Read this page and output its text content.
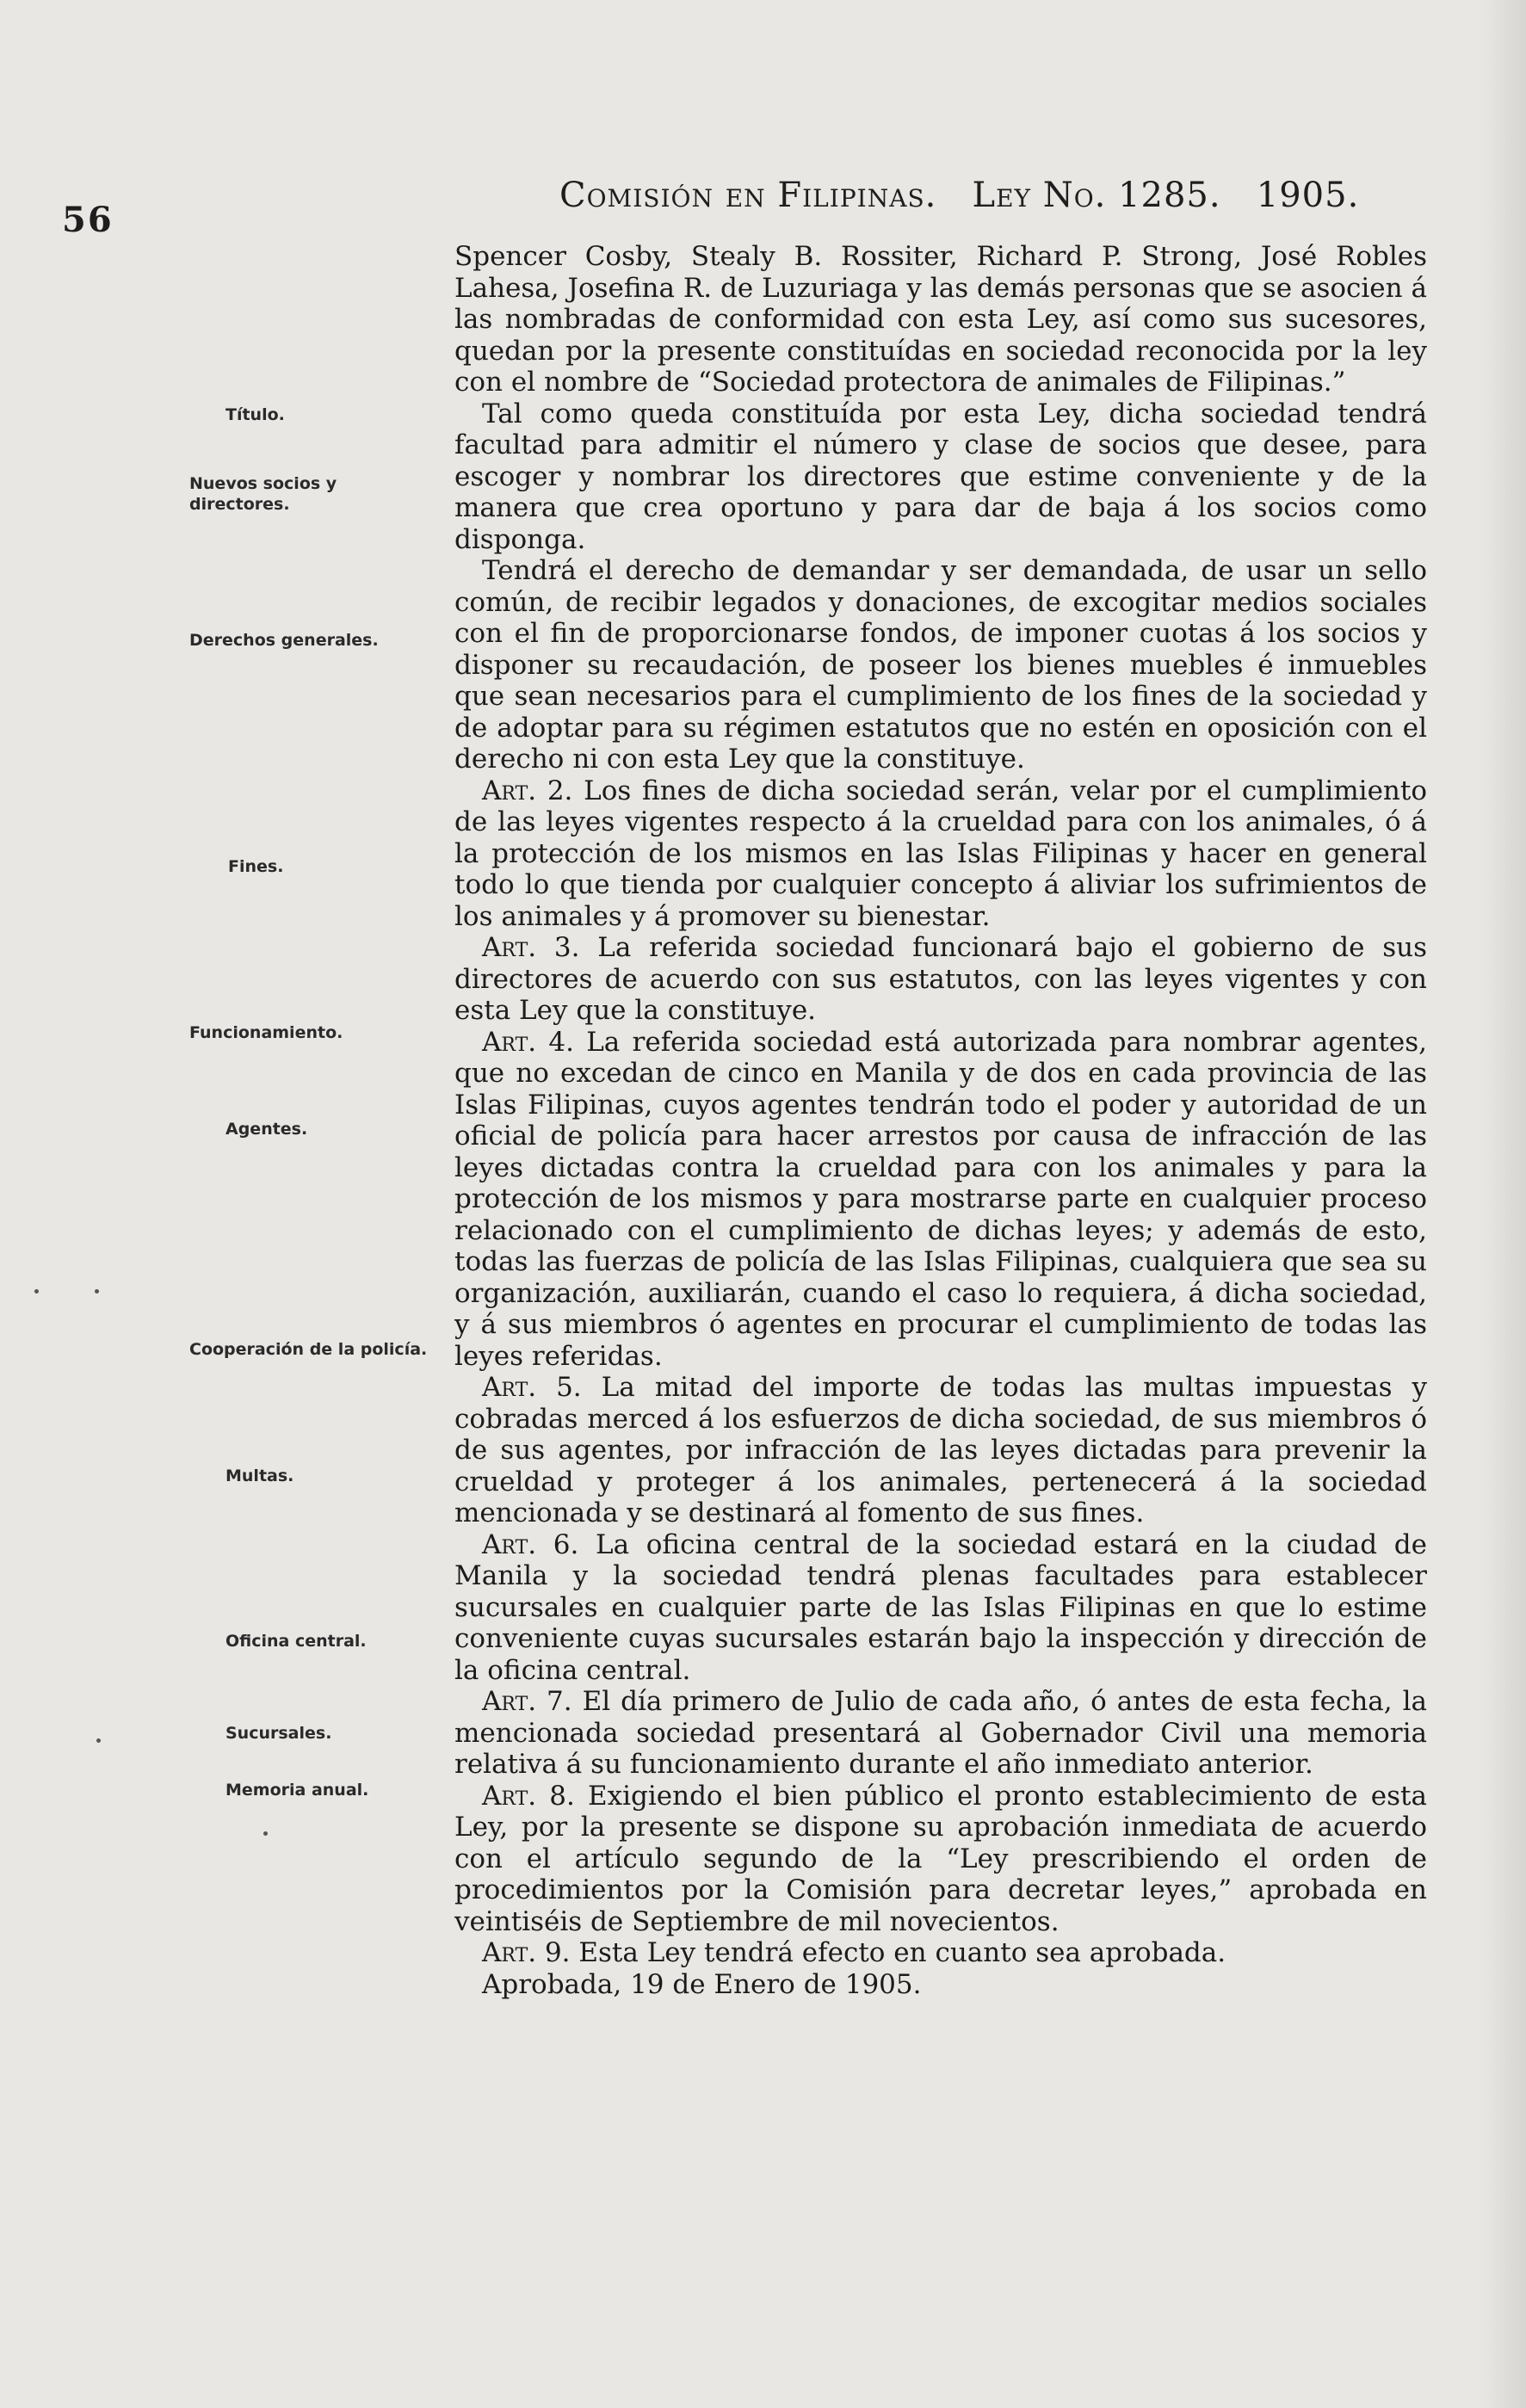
56
Comisión en Filipinas. Ley No. 1285. 1905.
Título.
Nuevos socios y directores.
Derechos generales.
Fines.
Funcionamiento.
Agentes.
Cooperación de la policía.
Multas.
Oficina central.
Sucursales.
Memoria anual.

Spencer Cosby, Stealy B. Rossiter, Richard P. Strong, José Robles Lahesa, Josefina R. de Luzuriaga y las demás personas que se asocien á las nombradas de conformidad con esta Ley, así como sus sucesores, quedan por la presente constituídas en sociedad reconocida por la ley con el nombre de “Sociedad protectora de animales de Filipinas.”

Tal como queda constituída por esta Ley, dicha sociedad tendrá facultad para admitir el número y clase de socios que desee, para escoger y nombrar los directores que estime conveniente y de la manera que crea oportuno y para dar de baja á los socios como disponga.

Tendrá el derecho de demandar y ser demandada, de usar un sello común, de recibir legados y donaciones, de excogitar medios sociales con el fin de proporcionarse fondos, de imponer cuotas á los socios y disponer su recaudación, de poseer los bienes muebles é inmuebles que sean necesarios para el cumplimiento de los fines de la sociedad y de adoptar para su régimen estatutos que no estén en oposición con el derecho ni con esta Ley que la constituye.

Art. 2. Los fines de dicha sociedad serán, velar por el cumplimiento de las leyes vigentes respecto á la crueldad para con los animales, ó á la protección de los mismos en las Islas Filipinas y hacer en general todo lo que tienda por cualquier concepto á aliviar los sufrimientos de los animales y á promover su bienestar.

Art. 3. La referida sociedad funcionará bajo el gobierno de sus directores de acuerdo con sus estatutos, con las leyes vigentes y con esta Ley que la constituye.

Art. 4. La referida sociedad está autorizada para nombrar agentes, que no excedan de cinco en Manila y de dos en cada provincia de las Islas Filipinas, cuyos agentes tendrán todo el poder y autoridad de un oficial de policía para hacer arrestos por causa de infracción de las leyes dictadas contra la crueldad para con los animales y para la protección de los mismos y para mostrarse parte en cualquier proceso relacionado con el cumplimiento de dichas leyes; y además de esto, todas las fuerzas de policía de las Islas Filipinas, cualquiera que sea su organización, auxiliarán, cuando el caso lo requiera, á dicha sociedad, y á sus miembros ó agentes en procurar el cumplimiento de todas las leyes referidas.

Art. 5. La mitad del importe de todas las multas impuestas y cobradas merced á los esfuerzos de dicha sociedad, de sus miembros ó de sus agentes, por infracción de las leyes dictadas para prevenir la crueldad y proteger á los animales, pertenecerá á la sociedad mencionada y se destinará al fomento de sus fines.

Art. 6. La oficina central de la sociedad estará en la ciudad de Manila y la sociedad tendrá plenas facultades para establecer sucursales en cualquier parte de las Islas Filipinas en que lo estime conveniente cuyas sucursales estarán bajo la inspección y dirección de la oficina central.

Art. 7. El día primero de Julio de cada año, ó antes de esta fecha, la mencionada sociedad presentará al Gobernador Civil una memoria relativa á su funcionamiento durante el año inmediato anterior.

Art. 8. Exigiendo el bien público el pronto establecimiento de esta Ley, por la presente se dispone su aprobación inmediata de acuerdo con el artículo segundo de la “Ley prescribiendo el orden de procedimientos por la Comisión para decretar leyes,” aprobada en veintiséis de Septiembre de mil novecientos.

Art. 9. Esta Ley tendrá efecto en cuanto sea aprobada.

Aprobada, 19 de Enero de 1905.
